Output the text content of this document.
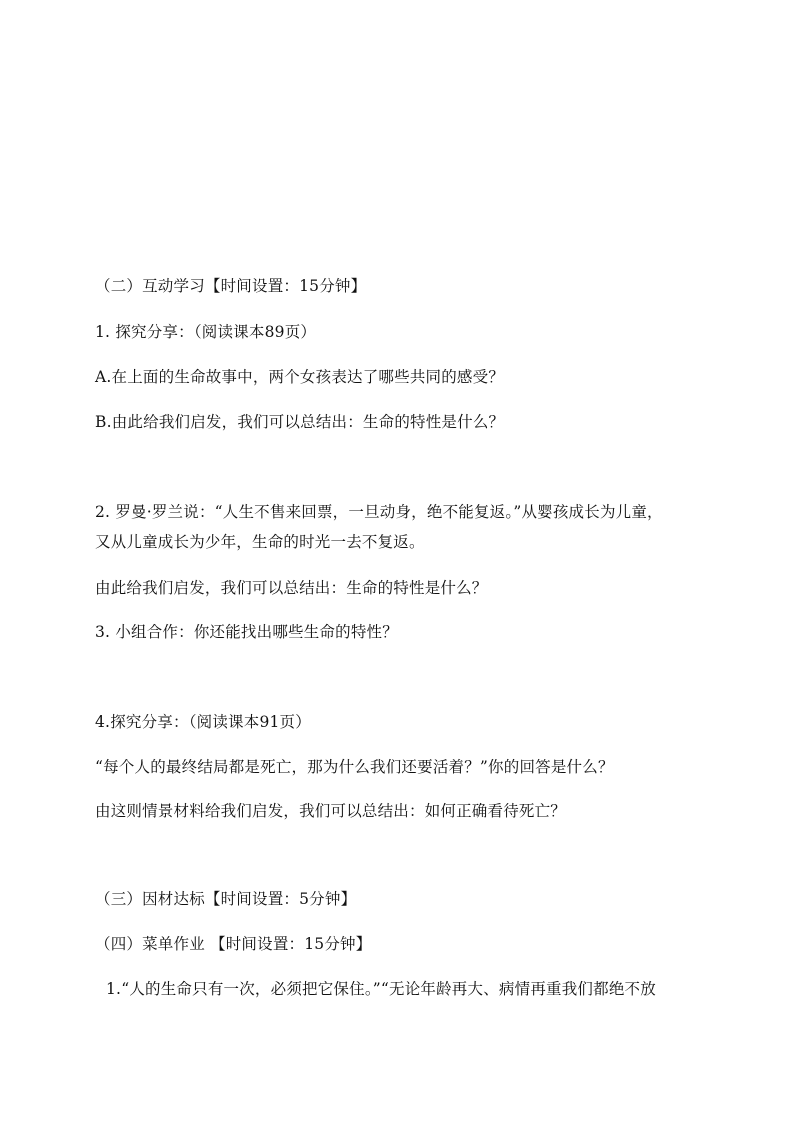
（二）互动学习【时间设置：15分钟】
1. 探究分享：（阅读课本89页）
A.在上面的生命故事中，两个女孩表达了哪些共同的感受？
B.由此给我们启发，我们可以总结出：生命的特性是什么？
2. 罗曼·罗兰说：“人生不售来回票，一旦动身，绝不能复返。”从婴孩成长为儿童，
又从儿童成长为少年，生命的时光一去不复返。
由此给我们启发，我们可以总结出：生命的特性是什么？
3. 小组合作：你还能找出哪些生命的特性？
4.探究分享：（阅读课本91页）
“每个人的最终结局都是死亡，那为什么我们还要活着？”你的回答是什么？
由这则情景材料给我们启发，我们可以总结出：如何正确看待死亡？
（三）因材达标【时间设置：5分钟】
（四）菜单作业 【时间设置：15分钟】
1.“人的生命只有一次，必须把它保住。”“无论年龄再大、病情再重我们都绝不放
